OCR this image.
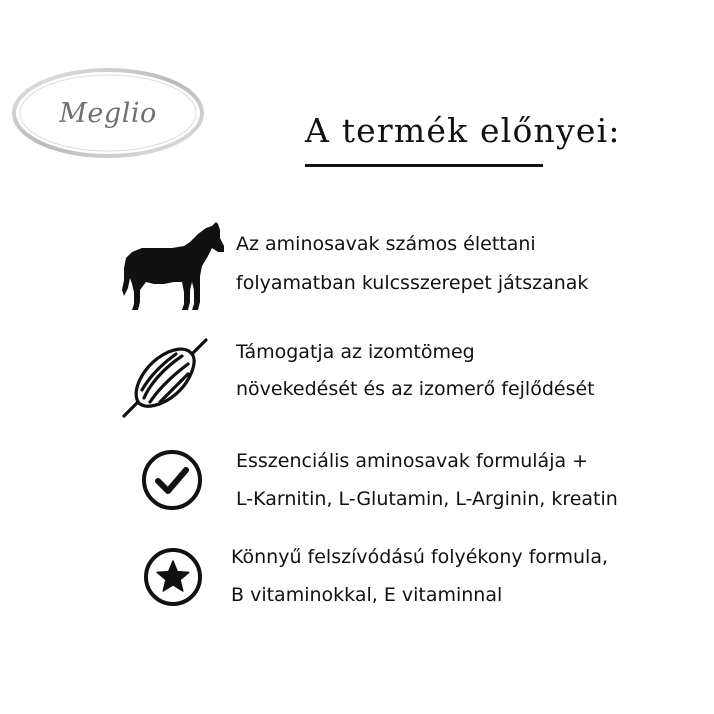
Meglio	A termék előnyei:
Az aminosavak számos élettani
folyamatban kulcsszerepet játszanak
Támogatja az izomtömeg
növekedését és az izomerő fejlődését
Esszenciális aminosavak formulája +
L-Karnitin, L-Glutamin, L-Arginin, kreatin
Könnyű felszívódású folyékony formula,
B vitaminokkal, E vitaminnal
